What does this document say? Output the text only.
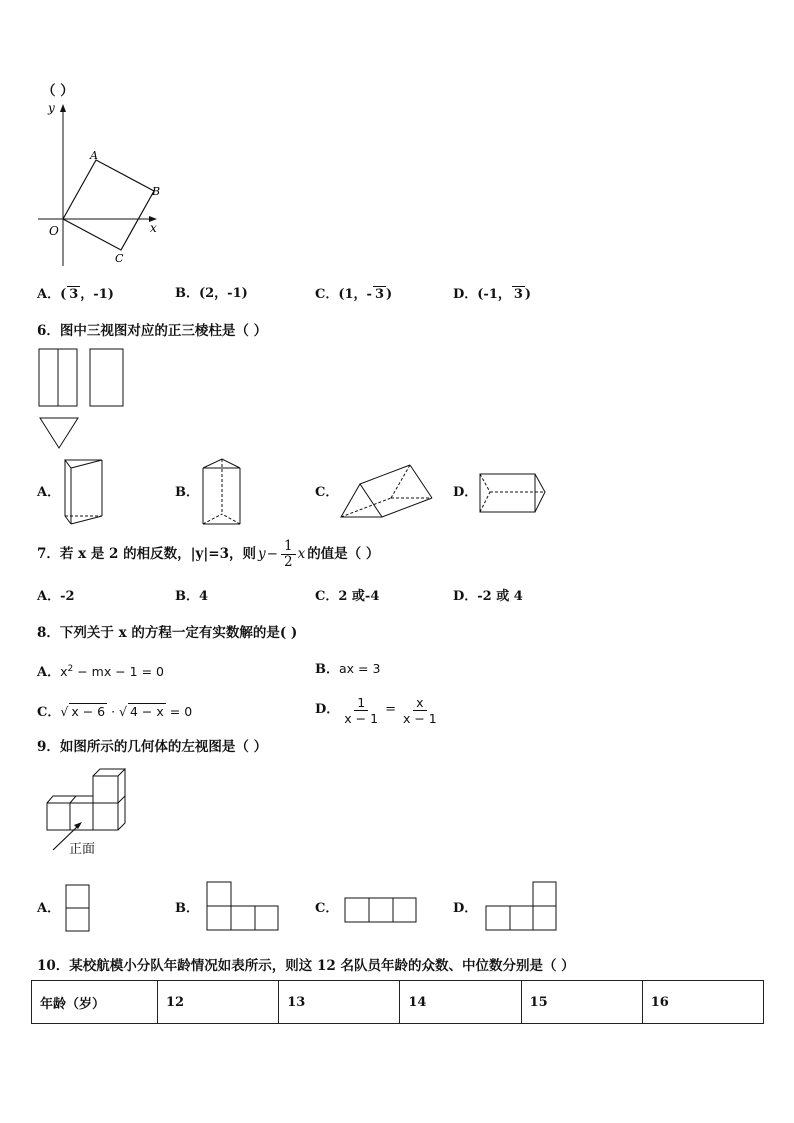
（ ）
y
x
O
A
B
C
A．( 3 ，-1)	B．(2，-1)	C．(1，- 3 )	D．(-1， 3 )
6．图中三视图对应的正三棱柱是（ ）
A．	B．	C．	D．
7．若 x 是 2 的相反数，|y|=3，则 $y - \frac{1}{2}$ x 的值是（ ）
A．-2	B．4	C．2 或-4	D．-2 或 4
8．下列关于 x 的方程一定有实数解的是( )
A．$x^2$ − mx − 1 = 0	B．ax = 3
C．√ x − 6 · √ 4 − x = 0	D． $\frac{1}{x - 1} = \frac{x}{x - 1}$
9．如图所示的几何体的左视图是（ ）
正面
A．	B．	C．	D．
10．某校航模小分队年龄情况如表所示，则这 12 名队员年龄的众数、中位数分别是（ ）
年龄（岁）	12	13	14	15	16
